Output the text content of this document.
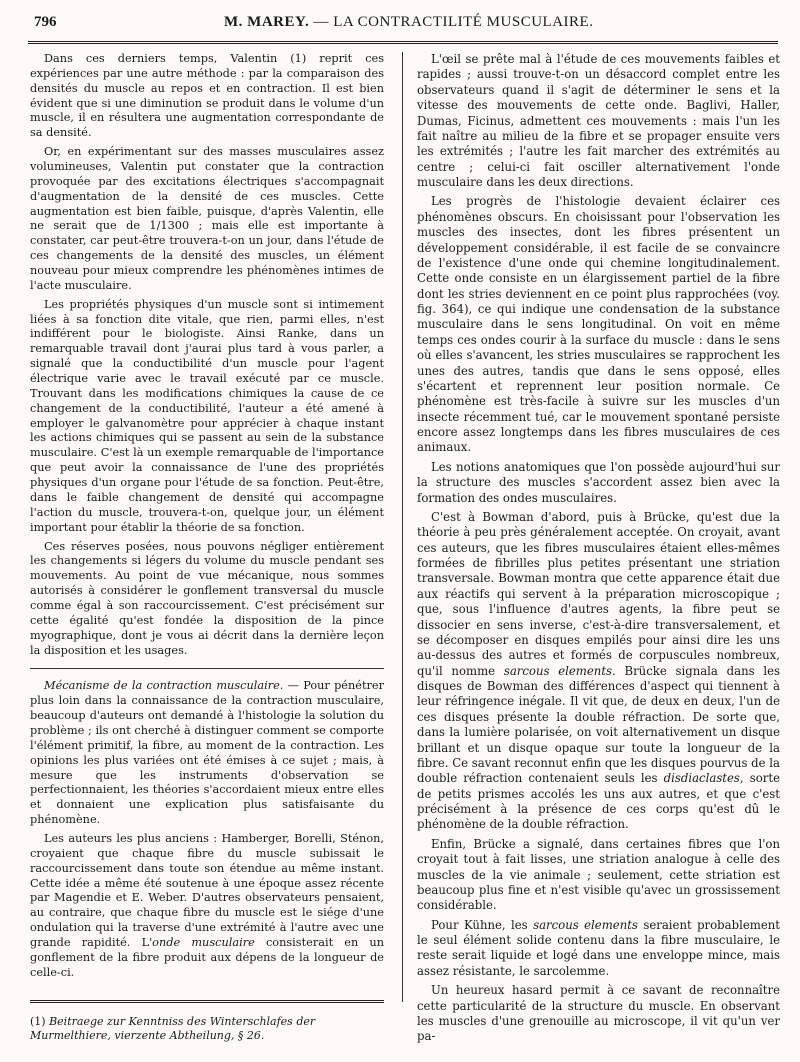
796	M. MAREY. — LA CONTRACTILITÉ MUSCULAIRE.

Dans ces derniers temps, Valentin (1) reprit ces expériences par une autre méthode : par la comparaison des densités du muscle au repos et en contraction. Il est bien évident que si une diminution se produit dans le volume d'un muscle, il en résultera une augmentation correspondante de sa densité.

Or, en expérimentant sur des masses musculaires assez volumineuses, Valentin put constater que la contraction provoquée par des excitations électriques s'accompagnait d'augmentation de la densité de ces muscles. Cette augmentation est bien faible, puisque, d'après Valentin, elle ne serait que de 1/1300 ; mais elle est importante à constater, car peut-être trouvera-t-on un jour, dans l'étude de ces changements de la densité des muscles, un élément nouveau pour mieux comprendre les phénomènes intimes de l'acte musculaire.

Les propriétés physiques d'un muscle sont si intimement liées à sa fonction dite vitale, que rien, parmi elles, n'est indifférent pour le biologiste. Ainsi Ranke, dans un remarquable travail dont j'aurai plus tard à vous parler, a signalé que la conductibilité d'un muscle pour l'agent électrique varie avec le travail exécuté par ce muscle. Trouvant dans les modifications chimiques la cause de ce changement de la conductibilité, l'auteur a été amené à employer le galvanomètre pour apprécier à chaque instant les actions chimiques qui se passent au sein de la substance musculaire. C'est là un exemple remarquable de l'importance que peut avoir la connaissance de l'une des propriétés physiques d'un organe pour l'étude de sa fonction. Peut-être, dans le faible changement de densité qui accompagne l'action du muscle, trouvera-t-on, quelque jour, un élément important pour établir la théorie de sa fonction.

Ces réserves posées, nous pouvons négliger entièrement les changements si légers du volume du muscle pendant ses mouvements. Au point de vue mécanique, nous sommes autorisés à considérer le gonflement transversal du muscle comme égal à son raccourcissement. C'est précisément sur cette égalité qu'est fondée la disposition de la pince myographique, dont je vous ai décrit dans la dernière leçon la disposition et les usages.

Mécanisme de la contraction musculaire. — Pour pénétrer plus loin dans la connaissance de la contraction musculaire, beaucoup d'auteurs ont demandé à l'histologie la solution du problème ; ils ont cherché à distinguer comment se comporte l'élément primitif, la fibre, au moment de la contraction. Les opinions les plus variées ont été émises à ce sujet ; mais, à mesure que les instruments d'observation se perfectionnaient, les théories s'accordaient mieux entre elles et donnaient une explication plus satisfaisante du phénomène.

Les auteurs les plus anciens : Hamberger, Borelli, Sténon, croyaient que chaque fibre du muscle subissait le raccourcissement dans toute son étendue au même instant. Cette idée a même été soutenue à une époque assez récente par Magendie et E. Weber. D'autres observateurs pensaient, au contraire, que chaque fibre du muscle est le siége d'une ondulation qui la traverse d'une extrémité à l'autre avec une grande rapidité. L'onde musculaire consisterait en un gonflement de la fibre produit aux dépens de la longueur de celle-ci.

L'œil se prête mal à l'étude de ces mouvements faibles et rapides ; aussi trouve-t-on un désaccord complet entre les observateurs quand il s'agit de déterminer le sens et la vitesse des mouvements de cette onde. Baglivi, Haller, Dumas, Ficinus, admettent ces mouvements : mais l'un les fait naître au milieu de la fibre et se propager ensuite vers les extrémités ; l'autre les fait marcher des extrémités au centre ; celui-ci fait osciller alternativement l'onde musculaire dans les deux directions.

Les progrès de l'histologie devaient éclairer ces phénomènes obscurs. En choisissant pour l'observation les muscles des insectes, dont les fibres présentent un développement considérable, il est facile de se convaincre de l'existence d'une onde qui chemine longitudinalement. Cette onde consiste en un élargissement partiel de la fibre dont les stries deviennent en ce point plus rapprochées (voy. fig. 364), ce qui indique une condensation de la substance musculaire dans le sens longitudinal. On voit en même temps ces ondes courir à la surface du muscle : dans le sens où elles s'avancent, les stries musculaires se rapprochent les unes des autres, tandis que dans le sens opposé, elles s'écartent et reprennent leur position normale. Ce phénomène est très-facile à suivre sur les muscles d'un insecte récemment tué, car le mouvement spontané persiste encore assez longtemps dans les fibres musculaires de ces animaux.

Les notions anatomiques que l'on possède aujourd'hui sur la structure des muscles s'accordent assez bien avec la formation des ondes musculaires.

C'est à Bowman d'abord, puis à Brücke, qu'est due la théorie à peu près généralement acceptée. On croyait, avant ces auteurs, que les fibres musculaires étaient elles-mêmes formées de fibrilles plus petites présentant une striation transversale. Bowman montra que cette apparence était due aux réactifs qui servent à la préparation microscopique ; que, sous l'influence d'autres agents, la fibre peut se dissocier en sens inverse, c'est-à-dire transversalement, et se décomposer en disques empilés pour ainsi dire les uns au-dessus des autres et formés de corpuscules nombreux, qu'il nomme sarcous elements. Brücke signala dans les disques de Bowman des différences d'aspect qui tiennent à leur réfringence inégale. Il vit que, de deux en deux, l'un de ces disques présente la double réfraction. De sorte que, dans la lumière polarisée, on voit alternativement un disque brillant et un disque opaque sur toute la longueur de la fibre. Ce savant reconnut enfin que les disques pourvus de la double réfraction contenaient seuls les disdiaclastes, sorte de petits prismes accolés les uns aux autres, et que c'est précisément à la présence de ces corps qu'est dû le phénomène de la double réfraction.

Enfin, Brücke a signalé, dans certaines fibres que l'on croyait tout à fait lisses, une striation analogue à celle des muscles de la vie animale ; seulement, cette striation est beaucoup plus fine et n'est visible qu'avec un grossissement considérable.

Pour Kühne, les sarcous elements seraient probablement le seul élément solide contenu dans la fibre musculaire, le reste serait liquide et logé dans une enveloppe mince, mais assez résistante, le sarcolemme.

Un heureux hasard permit à ce savant de reconnaître cette particularité de la structure du muscle. En observant les muscles d'une grenouille au microscope, il vit qu'un ver pa-

(1) Beitraege zur Kenntniss des Winterschlafes der Murmelthiere, vierzente Abtheilung, § 26.
